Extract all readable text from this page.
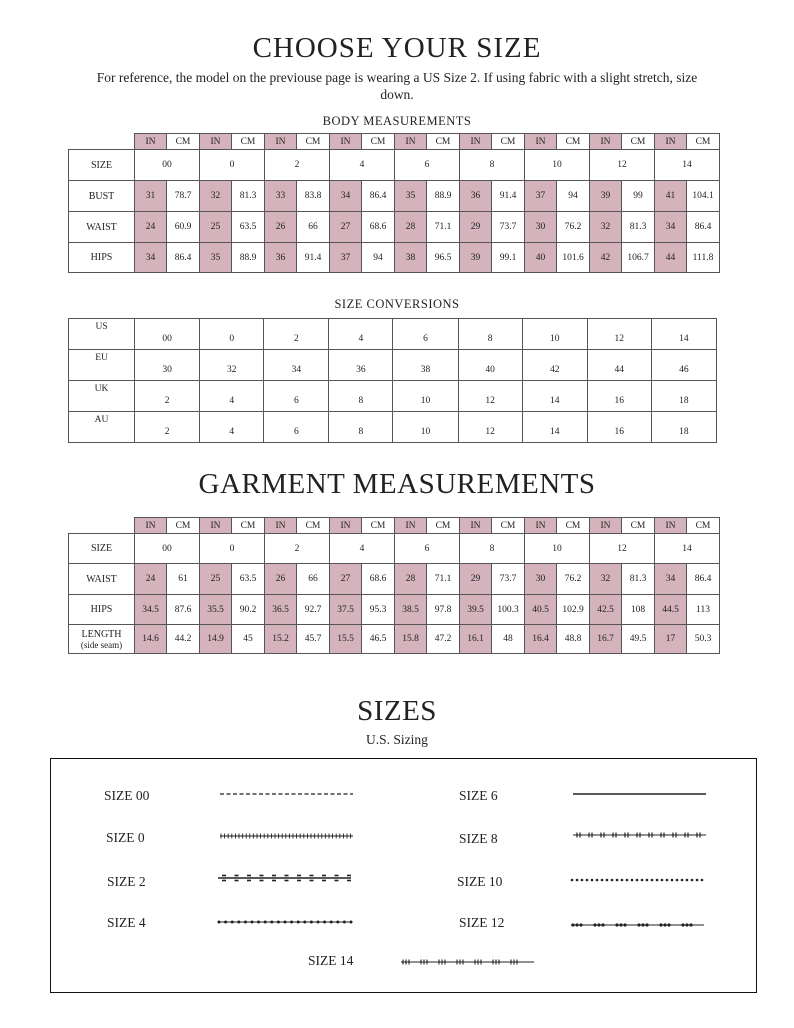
CHOOSE YOUR SIZE
For reference, the model on the previouse page is wearing a US Size 2. If using fabric with a slight stretch, size down.
BODY MEASUREMENTS
	IN	CM	IN	CM	IN	CM	IN	CM	IN	CM	IN	CM	IN	CM	IN	CM	IN	CM
SIZE	00		0		2		4		6		8		10		12		14	

BUST	31	78.7	32	81.3	33	83.8	34	86.4	35	88.9	36	91.4	37	94	39	99	41	104.1

WAIST	24	60.9	25	63.5	26	66	27	68.6	28	71.1	29	73.7	30	76.2	32	81.3	34	86.4

HIPS	34	86.4	35	88.9	36	91.4	37	94	38	96.5	39	99.1	40	101.6	42	106.7	44	111.8
SIZE CONVERSIONS
US	00	0	2	4	6	8	10	12	14
EU	30	32	34	36	38	40	42	44	46
UK	2	4	6	8	10	12	14	16	18
AU	2	4	6	8	10	12	14	16	18
GARMENT MEASUREMENTS
	IN	CM	IN	CM	IN	CM	IN	CM	IN	CM	IN	CM	IN	CM	IN	CM	IN	CM
SIZE	00		0		2		4		6		8		10		12		14	

WAIST	24	61	25	63.5	26	66	27	68.6	28	71.1	29	73.7	30	76.2	32	81.3	34	86.4

HIPS	34.5	87.6	35.5	90.2	36.5	92.7	37.5	95.3	38.5	97.8	39.5	100.3	40.5	102.9	42.5	108	44.5	113

LENGTH
(side seam)	14.6	44.2	14.9	45	15.2	45.7	15.5	46.5	15.8	47.2	16.1	48	16.4	48.8	16.7	49.5	17	50.3
SIZES
U.S. Sizing
SIZE 00	SIZE 6
SIZE 0	SIZE 8
SIZE 2	SIZE 10
SIZE 4	SIZE 12
SIZE 14
